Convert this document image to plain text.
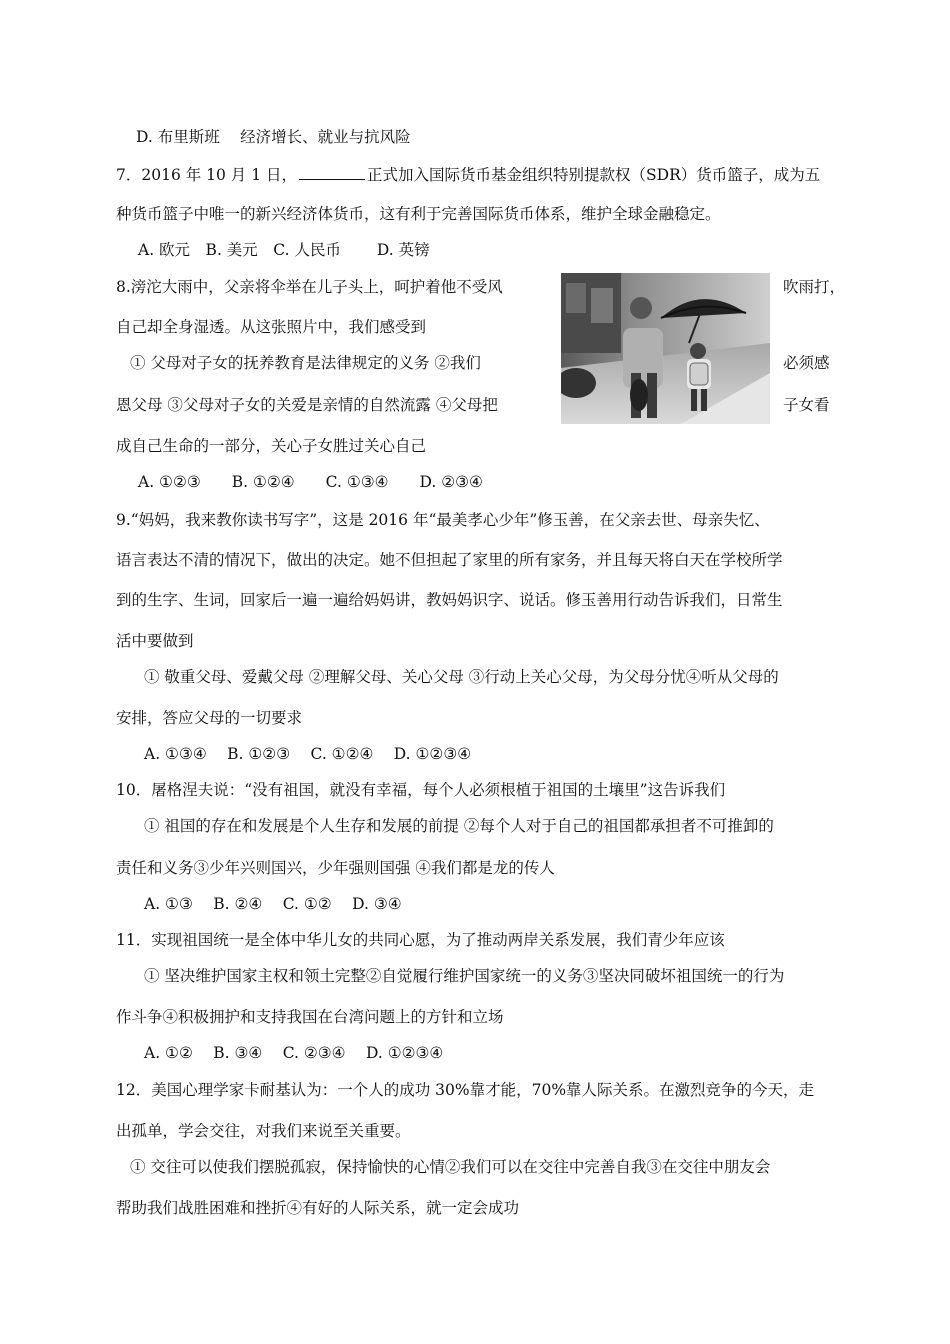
D. 布里斯班　 经济增长、就业与抗风险
7．2016 年 10 月 1 日，	正式加入国际货币基金组织特别提款权（SDR）货币篮子，成为五
种货币篮子中唯一的新兴经济体货币，这有利于完善国际货币体系，维护全球金融稳定。
A. 欧元　B. 美元　C. 人民币　　 D. 英镑
8.滂沱大雨中，父亲将伞举在儿子头上，呵护着他不受风	吹雨打，
自己却全身湿透。从这张照片中，我们感受到
① 父母对子女的抚养教育是法律规定的义务 ②我们	必须感
恩父母 ③父母对子女的关爱是亲情的自然流露 ④父母把	子女看
成自己生命的一部分，关心子女胜过关心自己
A. ①②③　　B. ①②④　　C. ①③④　　D. ②③④
9.“妈妈，我来教你读书写字”，这是 2016 年“最美孝心少年”修玉善，在父亲去世、母亲失忆、
语言表达不清的情况下，做出的决定。她不但担起了家里的所有家务，并且每天将白天在学校所学
到的生字、生词，回家后一遍一遍给妈妈讲，教妈妈识字、说话。修玉善用行动告诉我们，日常生
活中要做到
① 敬重父母、爱戴父母 ②理解父母、关心父母 ③行动上关心父母，为父母分忧④听从父母的
安排，答应父母的一切要求
A. ①③④　 B. ①②③　 C. ①②④　 D. ①②③④
10．屠格涅夫说：“没有祖国，就没有幸福，每个人必须根植于祖国的土壤里”这告诉我们
① 祖国的存在和发展是个人生存和发展的前提 ②每个人对于自己的祖国都承担者不可推卸的
责任和义务③少年兴则国兴，少年强则国强 ④我们都是龙的传人
A. ①③　 B. ②④　 C. ①②　 D. ③④
11．实现祖国统一是全体中华儿女的共同心愿，为了推动两岸关系发展，我们青少年应该
① 坚决维护国家主权和领土完整②自觉履行维护国家统一的义务③坚决同破坏祖国统一的行为
作斗争④积极拥护和支持我国在台湾问题上的方针和立场
A. ①②　 B. ③④　 C. ②③④　 D. ①②③④
12．美国心理学家卡耐基认为：一个人的成功 30%靠才能，70%靠人际关系。在激烈竞争的今天，走
出孤单，学会交往，对我们来说至关重要。
① 交往可以使我们摆脱孤寂，保持愉快的心情②我们可以在交往中完善自我③在交往中朋友会
帮助我们战胜困难和挫折④有好的人际关系，就一定会成功
